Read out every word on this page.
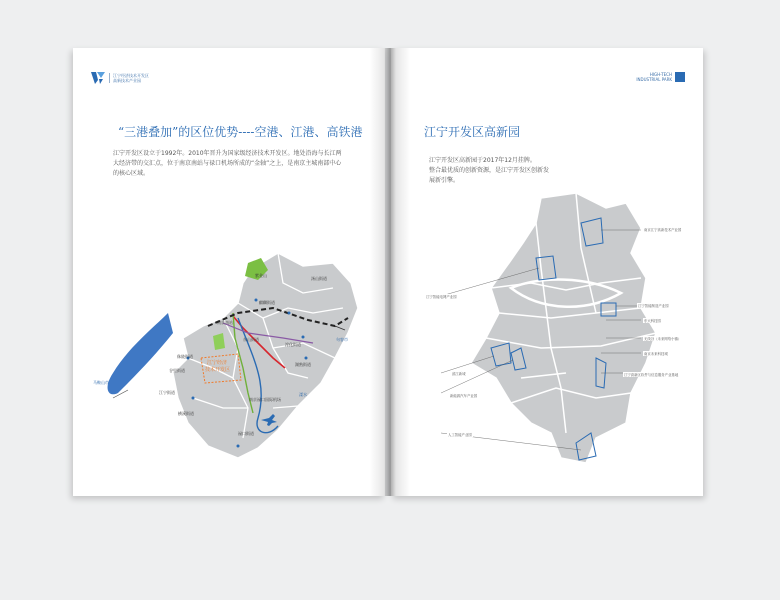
江宁经济技术开发区
高新技术产业园
“三港叠加”的区位优势----空港、江港、高铁港
江宁开发区设立于1992年。2010年晋升为国家级经济技术开发区。地处沿海与长江两
大经济带的交汇点，位于南京南站与禄口机场所成的“金轴”之上，是南京主城南部中心
的核心区域。
紫金山
汤山街道
麒麟街道
南京南站
东山街道
淳化街道
江宁经济
技术开发区
秣陵街道
湖熟街道
谷里街道
江宁街道
南京禄口国际机场
禄口街道
横溪街道
马鞍山市
溧水
句容市
长江
HIGH-TECH
INDUSTRIAL PARK
江宁开发区高新园
江宁开发区高新园于2017年12月挂牌。
整合最优质的创新资源，是江宁开发区创新发
展新引擎。
南京江宁高新技术产业园
江宁智能制造产业园
东大科技园
无线谷（未来网络小镇）
南京未来科技城
江宁高新区软件与信息服务产业基地
江宁智能电网产业园
滨江新城
新能源汽车产业园
人工智能产业园
